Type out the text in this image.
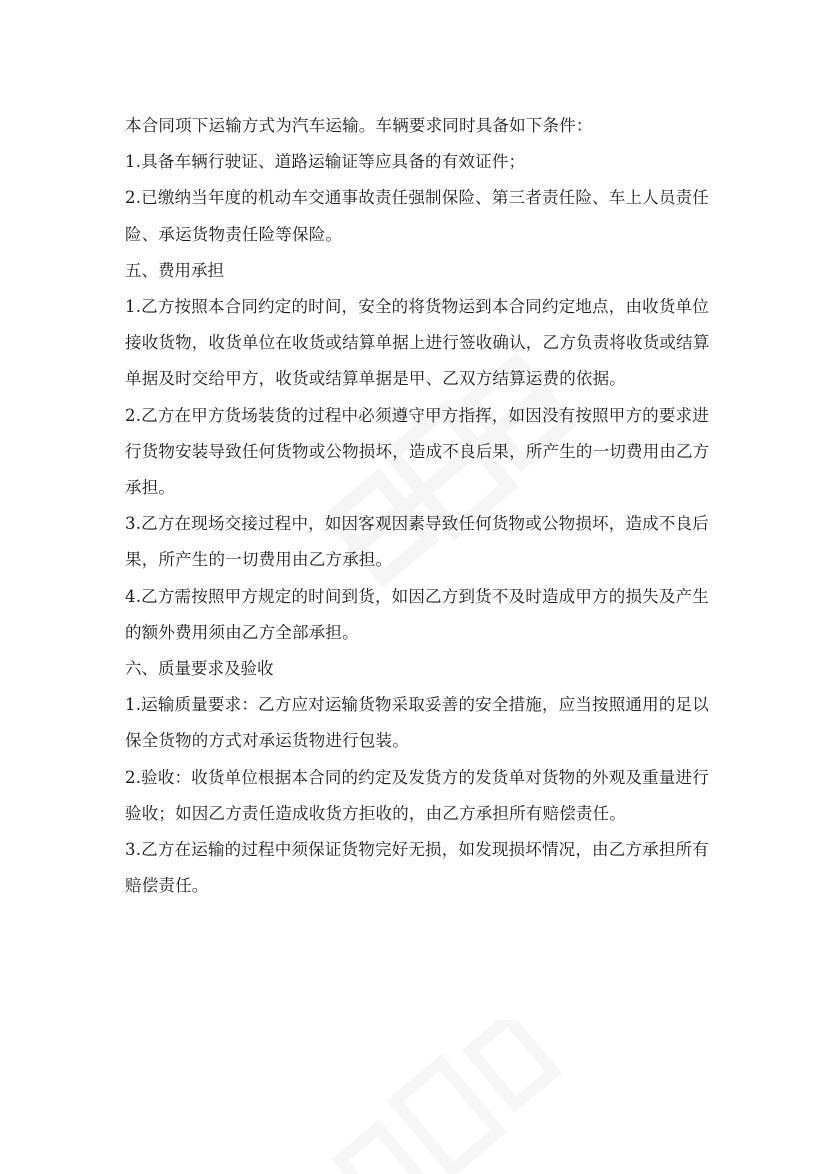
本合同项下运输方式为汽车运输。车辆要求同时具备如下条件：

1.具备车辆行驶证、道路运输证等应具备的有效证件；

2.已缴纳当年度的机动车交通事故责任强制保险、第三者责任险、车上人员责任险、承运货物责任险等保险。

五、费用承担

1.乙方按照本合同约定的时间，安全的将货物运到本合同约定地点，由收货单位接收货物，收货单位在收货或结算单据上进行签收确认，乙方负责将收货或结算单据及时交给甲方，收货或结算单据是甲、乙双方结算运费的依据。

2.乙方在甲方货场装货的过程中必须遵守甲方指挥，如因没有按照甲方的要求进行货物安装导致任何货物或公物损坏，造成不良后果，所产生的一切费用由乙方承担。

3.乙方在现场交接过程中，如因客观因素导致任何货物或公物损坏，造成不良后果，所产生的一切费用由乙方承担。

4.乙方需按照甲方规定的时间到货，如因乙方到货不及时造成甲方的损失及产生的额外费用须由乙方全部承担。

六、质量要求及验收

1.运输质量要求：乙方应对运输货物采取妥善的安全措施，应当按照通用的足以保全货物的方式对承运货物进行包装。

2.验收：收货单位根据本合同的约定及发货方的发货单对货物的外观及重量进行验收；如因乙方责任造成收货方拒收的，由乙方承担所有赔偿责任。

3.乙方在运输的过程中须保证货物完好无损，如发现损坏情况，由乙方承担所有赔偿责任。
